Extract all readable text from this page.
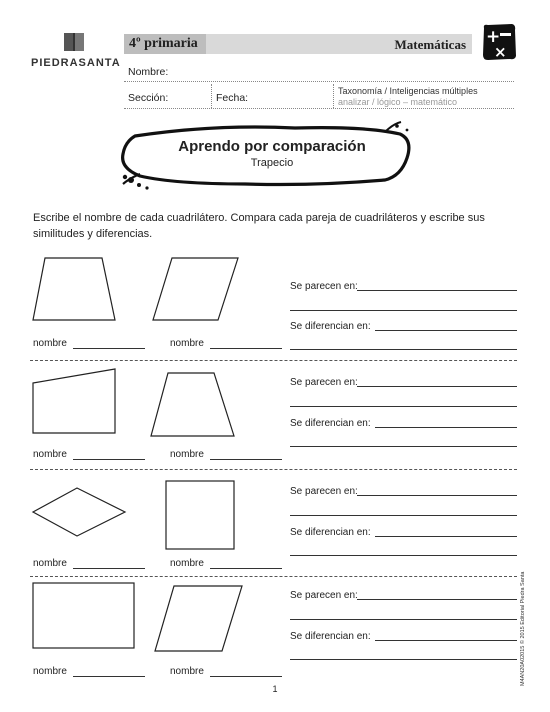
PIEDRASANTA
4º primaria	Matemáticas +
×
Nombre:
Sección:	Fecha:
Taxonomía / Inteligencias múltiples
analizar / lógico – matemático
Aprendo por comparación
Trapecio
Escribe el nombre de cada cuadrilátero. Compara cada pareja de cuadriláteros y escribe sus similitudes y diferencias.
nombre	nombre
Se parecen en:
Se diferencian en:
nombre	nombre
Se parecen en:
Se diferencian en:
nombre	nombre
Se parecen en:
Se diferencian en:
nombre	nombre
Se parecen en:
Se diferencian en:	M4AN20A02015 © 2015 Editorial Piedra Santa
1
